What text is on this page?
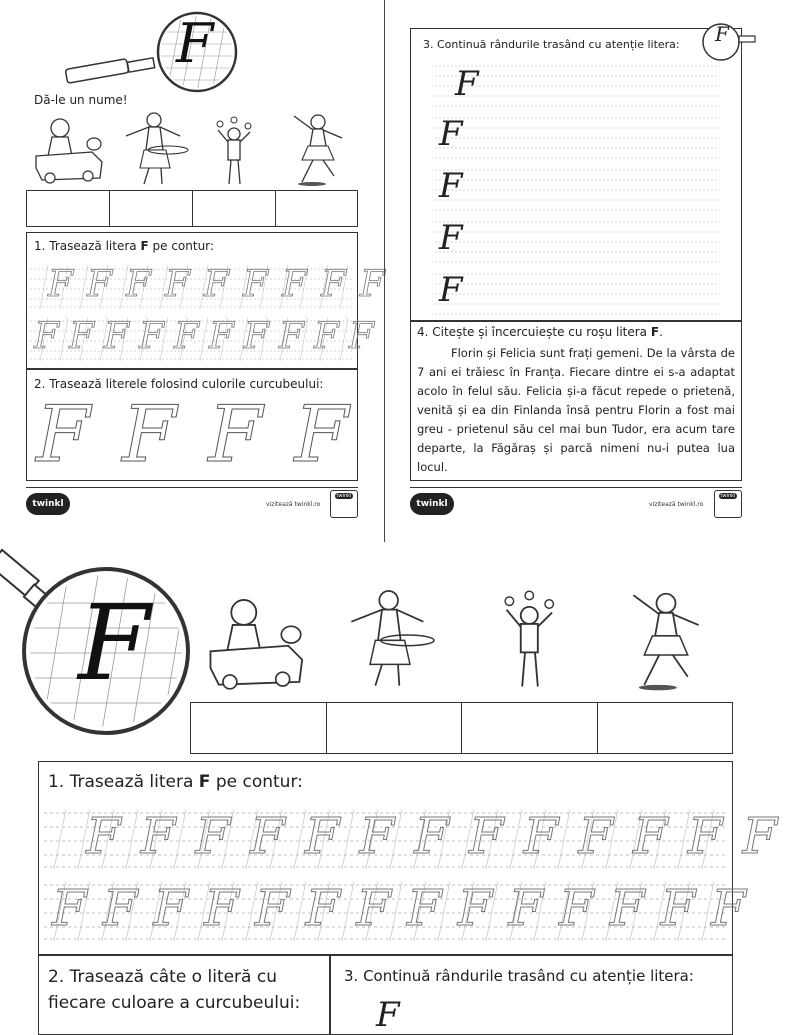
F
Dă-le un nume!
1. Trasează litera F pe contur:
FFFFFFFFF
FFFFFFFFFF
2. Trasează literele folosind culorile curcubeului:
FFFF
twinkl	vizitează twinkl.ro
twinkl
3. Continuă rândurile trasând cu atenție litera: F
F
F
F
F
F
4. Citește și încercuiește cu roșu litera F.
Florin și Felicia sunt frați gemeni. De la vârsta de 7 ani ei trăiesc în Franța. Fiecare dintre ei s-a adaptat acolo în felul său. Felicia și-a făcut repede o prietenă, venită și ea din Finlanda însă pentru Florin a fost mai greu - prietenul său cel mai bun Tudor, era acum tare departe, la Făgăraș și parcă nimeni nu-i putea lua locul.
twinkl	vizitează twinkl.ro
twinkl
F
1. Trasează litera F pe contur:
FFFFFFFFFFFFF
FFFFFFFFFFFFFF
2. Trasează câte o literă cu fiecare culoare a curcubeului:
3. Continuă rândurile trasând cu atenție litera:
F
